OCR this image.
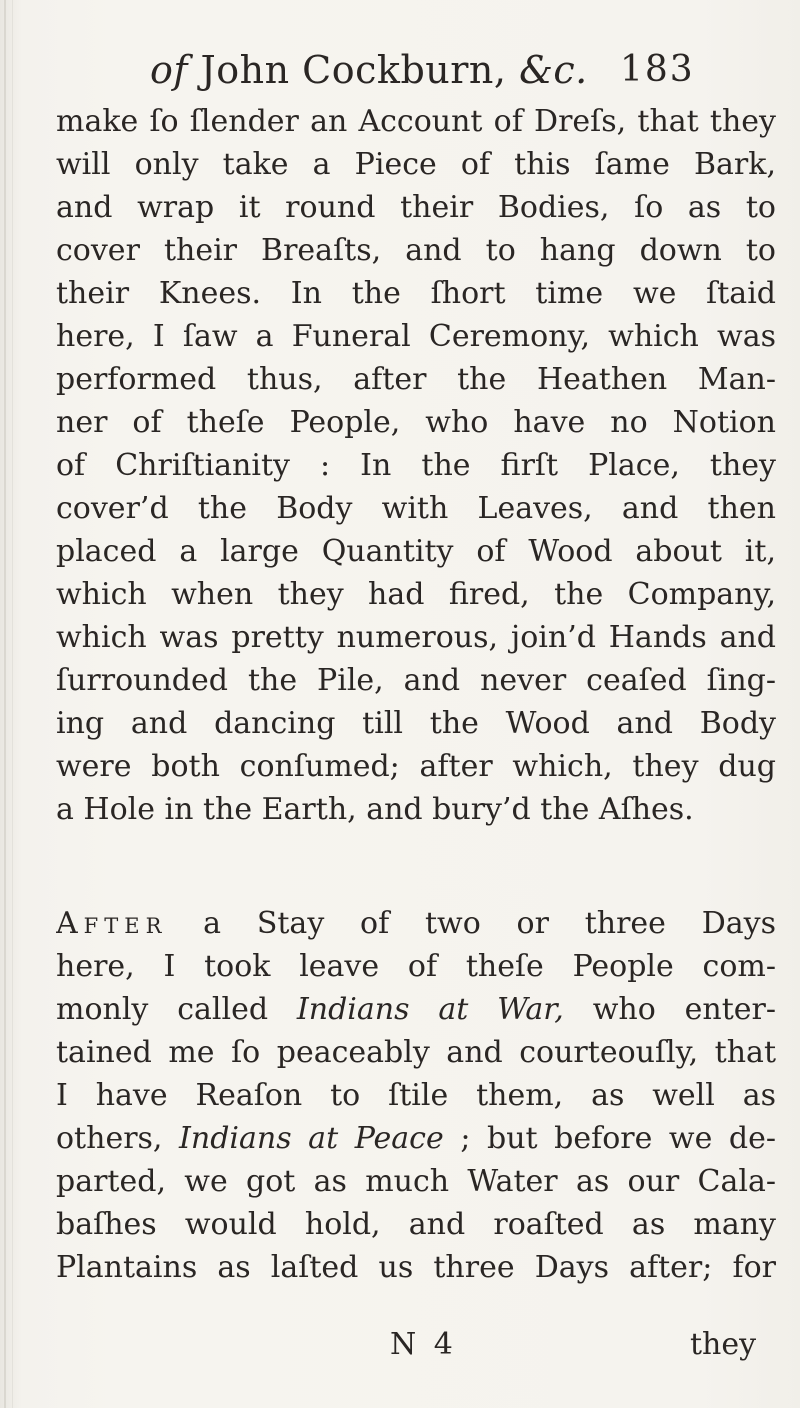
of John Cockburn, &c. 183
make ſo ſlender an Account of Dreſs, that they
will only take a Piece of this ſame Bark,
and wrap it round their Bodies, ſo as to
cover their Breaſts, and to hang down to
their Knees. In the ſhort time we ſtaid
here, I ſaw a Funeral Ceremony, which was
performed thus, after the Heathen Man-
ner of theſe People, who have no Notion
of Chriſtianity : In the firſt Place, they
cover’d the Body with Leaves, and then
placed a large Quantity of Wood about it,
which when they had fired, the Company,
which was pretty numerous, join’d Hands and
ſurrounded the Pile, and never ceaſed ſing-
ing and dancing till the Wood and Body
were both conſumed; after which, they dug
a Hole in the Earth, and bury’d the Aſhes.
After a Stay of two or three Days
here, I took leave of theſe People com-
monly called Indians at War, who enter-
tained me ſo peaceably and courteouſly, that
I have Reaſon to ſtile them, as well as
others, Indians at Peace ; but before we de-
parted, we got as much Water as our Cala-
baſhes would hold, and roaſted as many
Plantains as laſted us three Days after; for
N 4	they
